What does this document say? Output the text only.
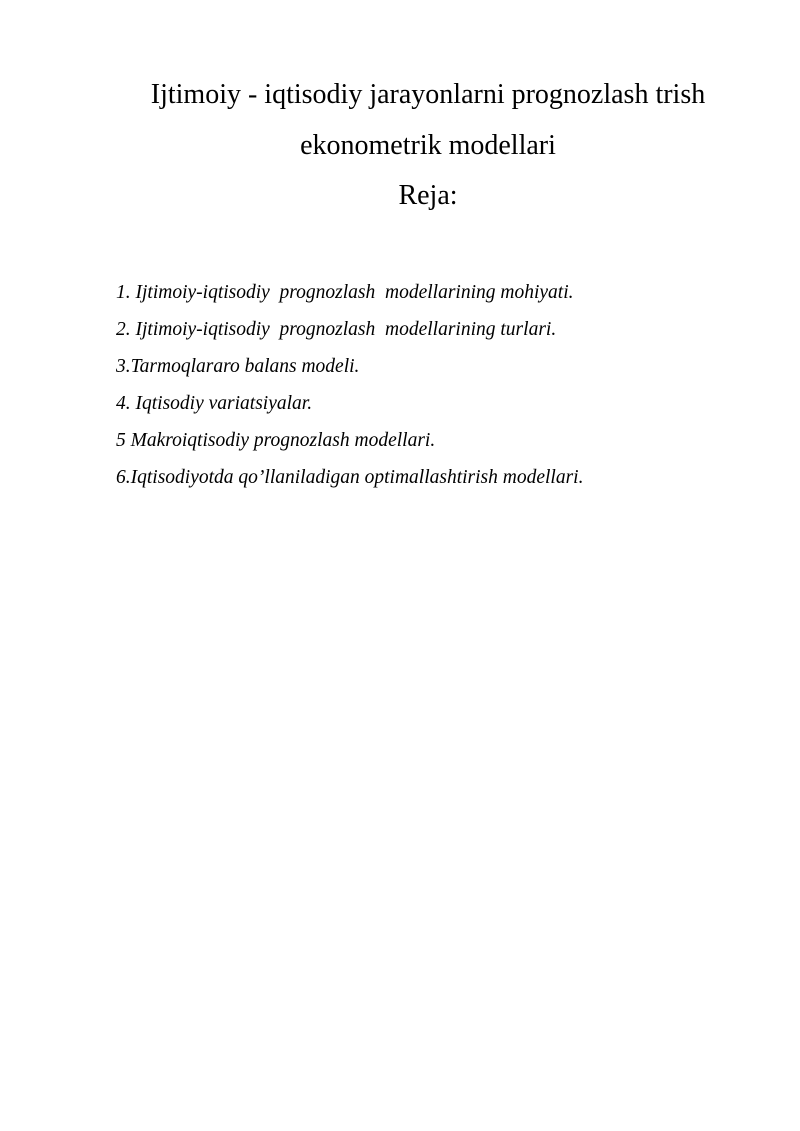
Ijtimoiy - iqtisodiy jarayonlarni prognozlash trish
ekonometrik modellari
Reja:
1. Ijtimoiy-iqtisodiy  prognozlash  modellarining mohiyati.
2. Ijtimoiy-iqtisodiy  prognozlash  modellarining turlari.
3.Tarmoqlararo balans modeli.
4. Iqtisodiy variatsiyalar.
5 Makroiqtisodiy prognozlash modellari.
6.Iqtisodiyotda qo’llaniladigan optimallashtirish modellari.
